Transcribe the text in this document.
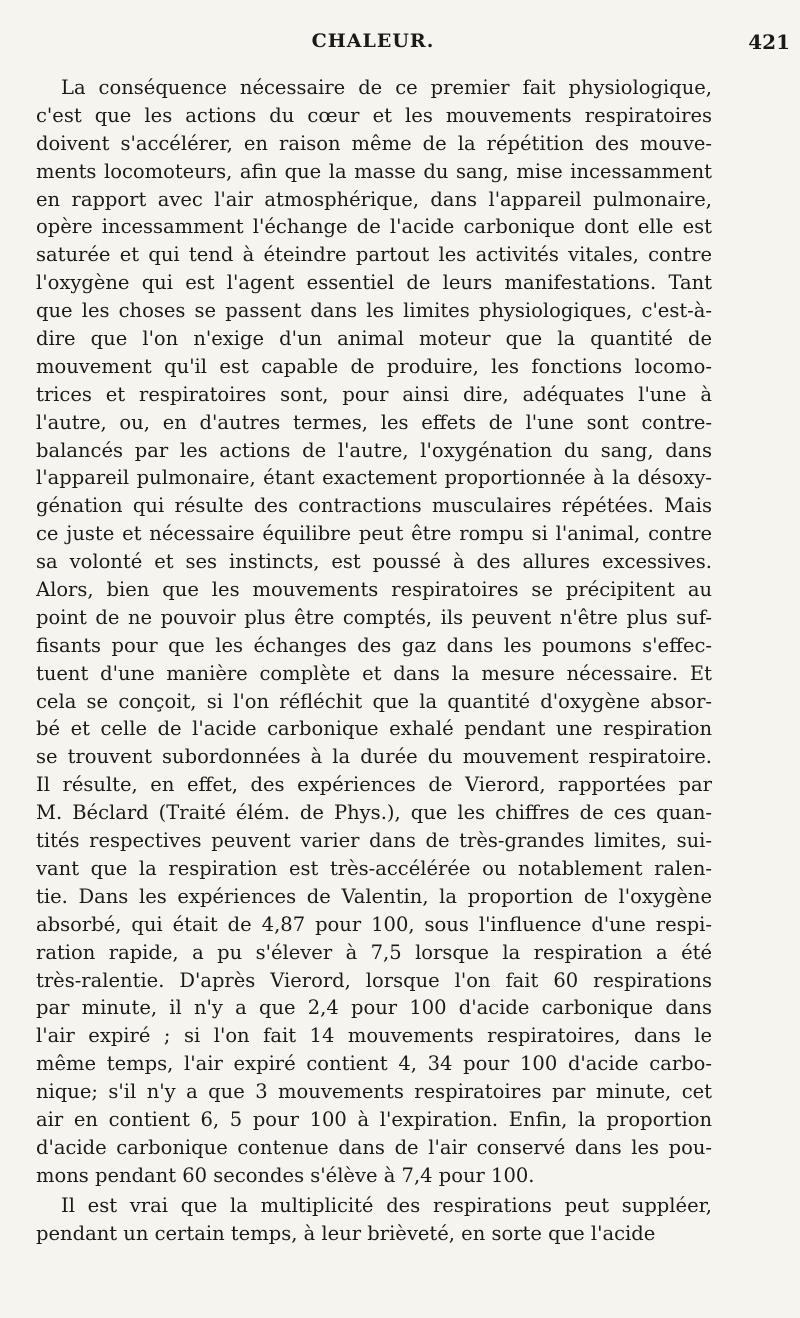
CHALEUR.	421
La conséquence nécessaire de ce premier fait physiologique,
c'est que les actions du cœur et les mouvements respiratoires
doivent s'accélérer, en raison même de la répétition des mouve-
ments locomoteurs, afin que la masse du sang, mise incessamment
en rapport avec l'air atmosphérique, dans l'appareil pulmonaire,
opère incessamment l'échange de l'acide carbonique dont elle est
saturée et qui tend à éteindre partout les activités vitales, contre
l'oxygène qui est l'agent essentiel de leurs manifestations. Tant
que les choses se passent dans les limites physiologiques, c'est-à-
dire que l'on n'exige d'un animal moteur que la quantité de
mouvement qu'il est capable de produire, les fonctions locomo-
trices et respiratoires sont, pour ainsi dire, adéquates l'une à
l'autre, ou, en d'autres termes, les effets de l'une sont contre-
balancés par les actions de l'autre, l'oxygénation du sang, dans
l'appareil pulmonaire, étant exactement proportionnée à la désoxy-
génation qui résulte des contractions musculaires répétées. Mais
ce juste et nécessaire équilibre peut être rompu si l'animal, contre
sa volonté et ses instincts, est poussé à des allures excessives.
Alors, bien que les mouvements respiratoires se précipitent au
point de ne pouvoir plus être comptés, ils peuvent n'être plus suf-
fisants pour que les échanges des gaz dans les poumons s'effec-
tuent d'une manière complète et dans la mesure nécessaire. Et
cela se conçoit, si l'on réfléchit que la quantité d'oxygène absor-
bé et celle de l'acide carbonique exhalé pendant une respiration
se trouvent subordonnées à la durée du mouvement respiratoire.
Il résulte, en effet, des expériences de Vierord, rapportées par
M. Béclard (Traité élém. de Phys.), que les chiffres de ces quan-
tités respectives peuvent varier dans de très-grandes limites, sui-
vant que la respiration est très-accélérée ou notablement ralen-
tie. Dans les expériences de Valentin, la proportion de l'oxygène
absorbé, qui était de 4,87 pour 100, sous l'influence d'une respi-
ration rapide, a pu s'élever à 7,5 lorsque la respiration a été
très-ralentie. D'après Vierord, lorsque l'on fait 60 respirations
par minute, il n'y a que 2,4 pour 100 d'acide carbonique dans
l'air expiré ; si l'on fait 14 mouvements respiratoires, dans le
même temps, l'air expiré contient 4, 34 pour 100 d'acide carbo-
nique; s'il n'y a que 3 mouvements respiratoires par minute, cet
air en contient 6, 5 pour 100 à l'expiration. Enfin, la proportion
d'acide carbonique contenue dans de l'air conservé dans les pou-
mons pendant 60 secondes s'élève à 7,4 pour 100.
Il est vrai que la multiplicité des respirations peut suppléer,
pendant un certain temps, à leur brièveté, en sorte que l'acide
